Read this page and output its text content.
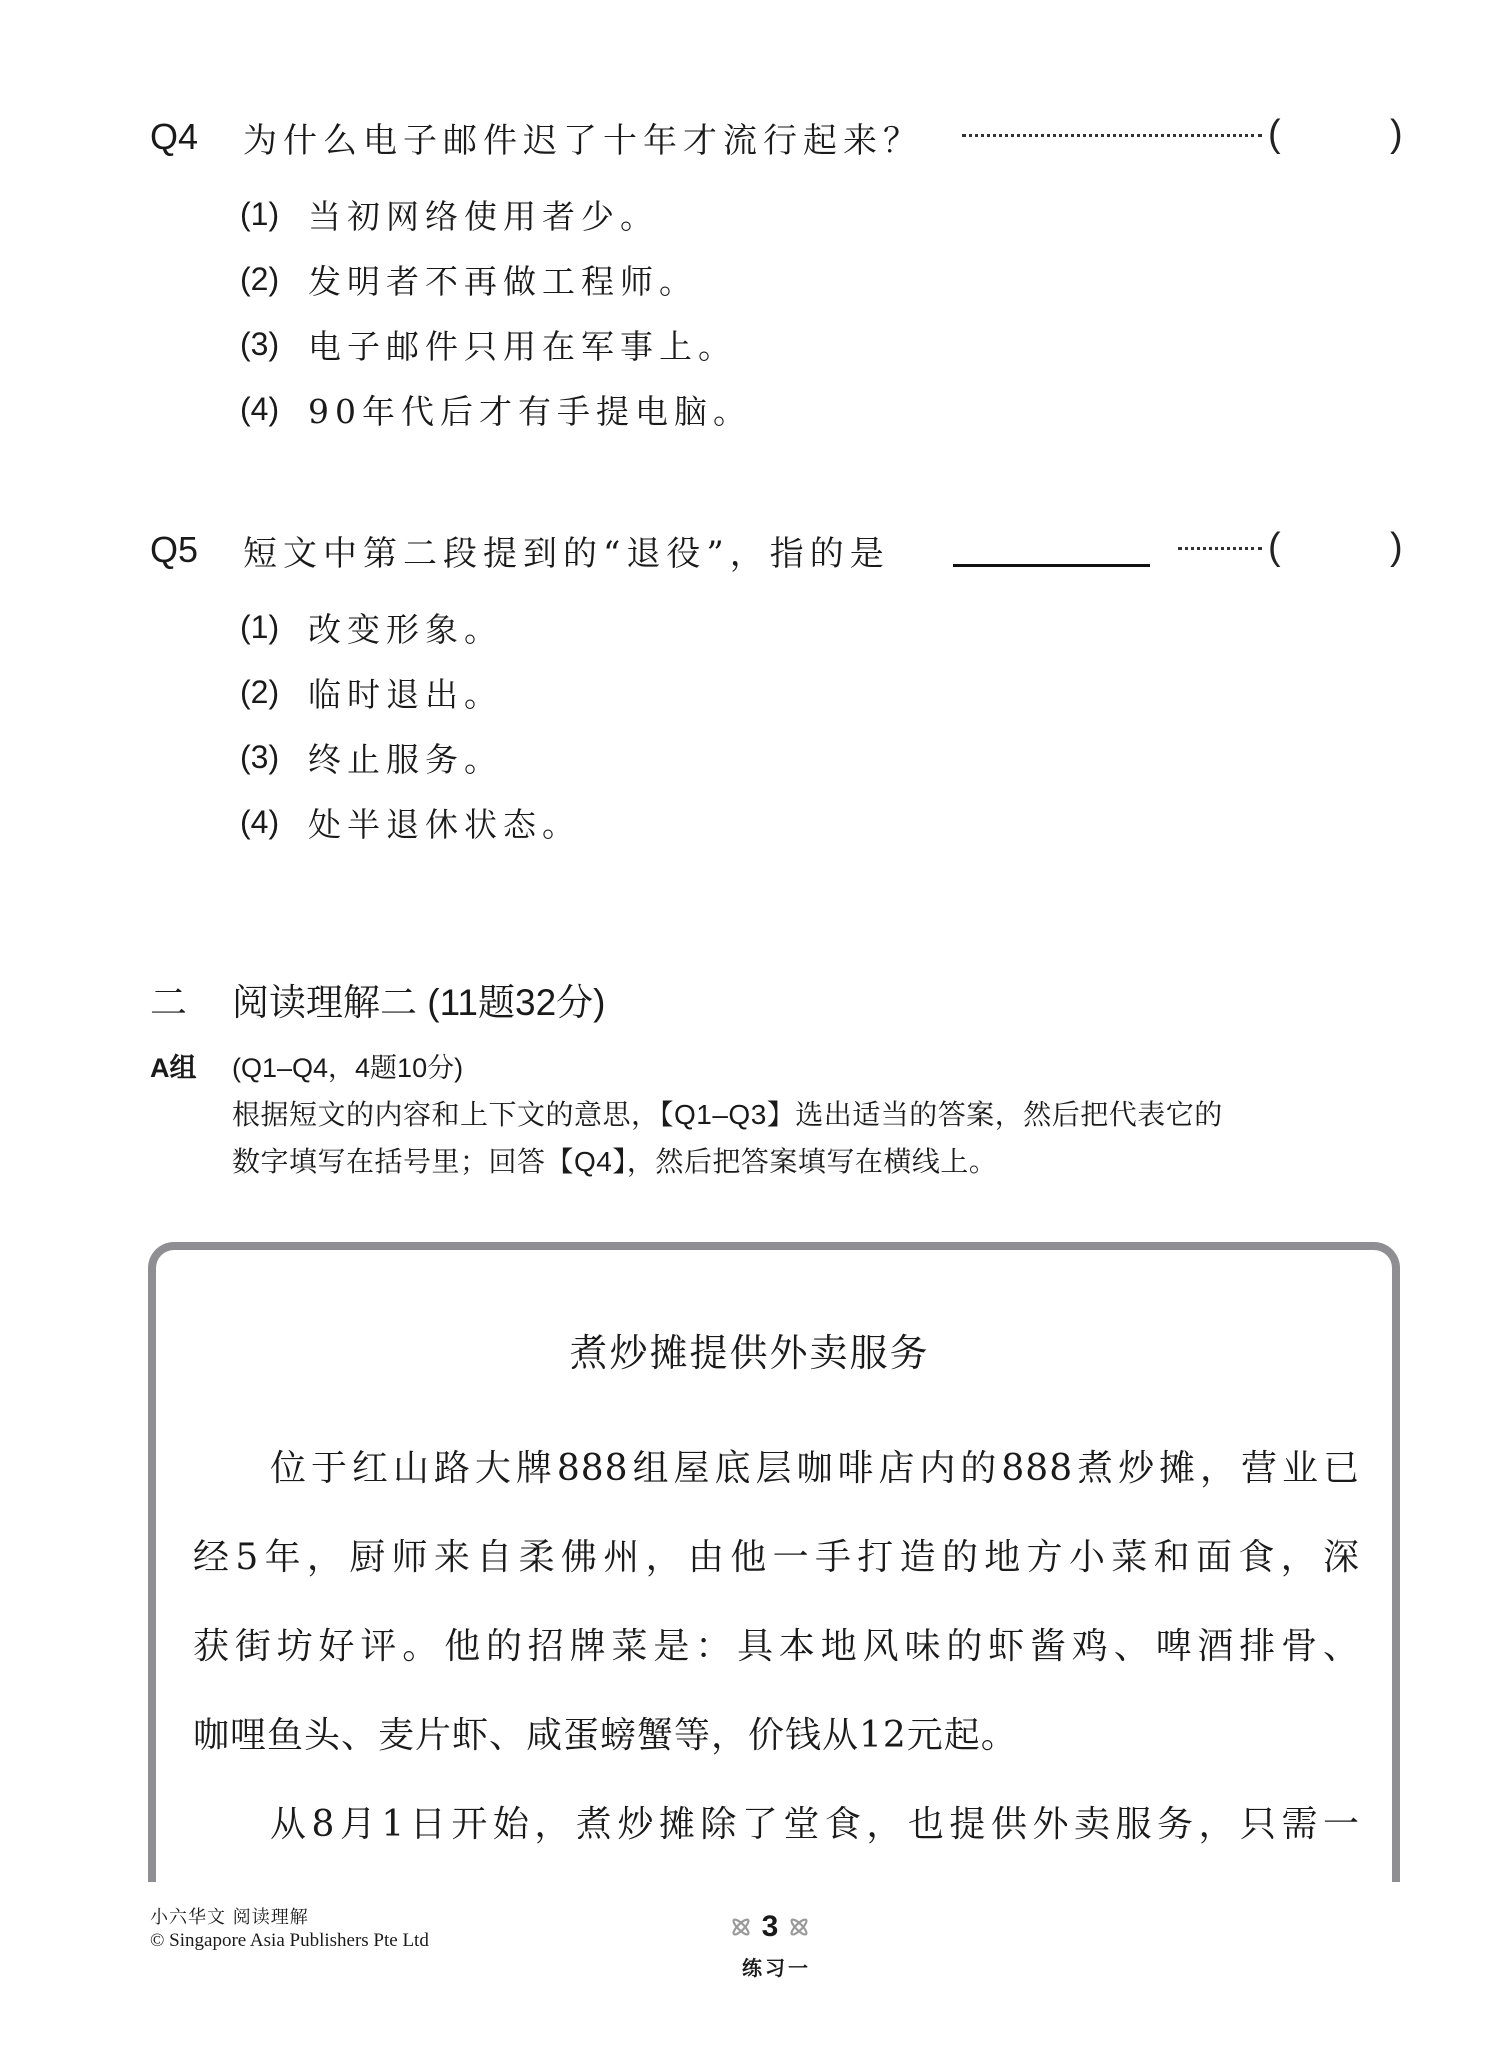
Q4	为什么电子邮件迟了十年才流行起来？	(	)
(1) 当初网络使用者少。
(2) 发明者不再做工程师。
(3) 电子邮件只用在军事上。
(4) 90年代后才有手提电脑。
Q5	短文中第二段提到的“退役”，指的是	(	)
(1) 改变形象。
(2) 临时退出。
(3) 终止服务。
(4) 处半退休状态。
二	阅读理解二 (11题32分)
A组	(Q1–Q4，4题10分)
根据短文的内容和上下文的意思，【Q1–Q3】选出适当的答案，然后把代表它的
数字填写在括号里；回答【Q4】，然后把答案填写在横线上。
煮炒摊提供外卖服务
位于红山路大牌888组屋底层咖啡店内的888煮炒摊，营业已
经5年，厨师来自柔佛州，由他一手打造的地方小菜和面食，深
获街坊好评。他的招牌菜是：具本地风味的虾酱鸡、啤酒排骨、
咖哩鱼头、麦片虾、咸蛋螃蟹等，价钱从12元起。
从8月1日开始，煮炒摊除了堂食，也提供外卖服务，只需一
小六华文 阅读理解
© Singapore Asia Publishers Pte Ltd	3
练习一
